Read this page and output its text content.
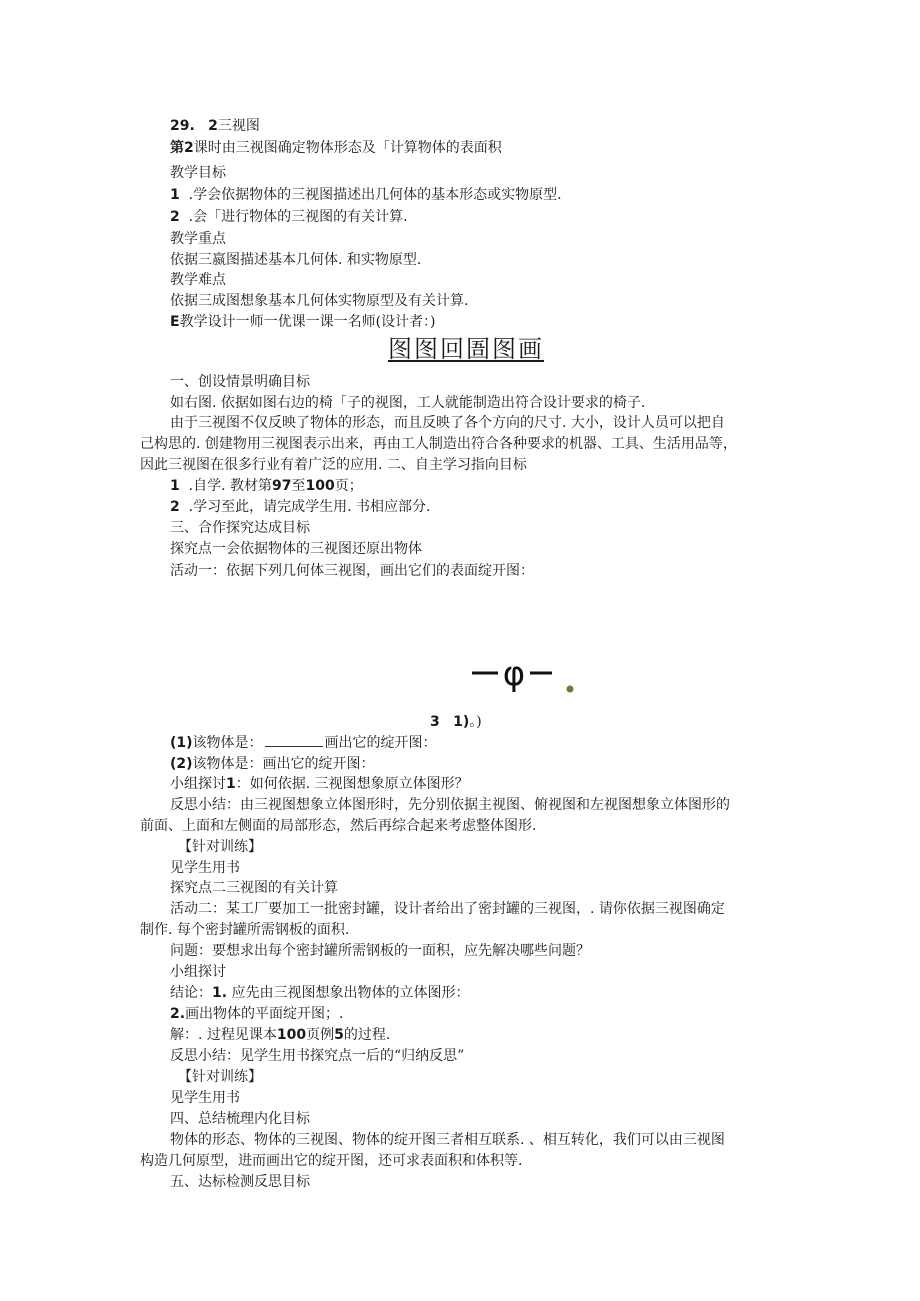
29. 2三视图
第2课时由三视图确定物体形态及「计算物体的表面积
教学目标
1 .学会依据物体的三视图描述出几何体的基本形态或实物原型.
2 .会「进行物体的三视图的有关计算.
教学重点
依据三嬴图描述基本几何体. 和实物原型.
教学难点
依据三成图想象基本几何体实物原型及有关计算.
E教学设计一师一优课一课一名师(设计者：)
图图回圄图画
一、创设情景明确目标
如右图. 依据如图右边的椅「子的视图，工人就能制造出符合设计要求的椅子.
由于三视图不仅反映了物体的形态，而且反映了各个方向的尺寸. 大小，设计人员可以把自
己构思的. 创建物用三视图表示出来，再由工人制造出符合各种要求的机器、工具、生活用品等，
因此三视图在很多行业有着广泛的应用. 二、自主学习指向目标
1 .自学. 教材第97至100页；
2 .学习至此，请完成学生用. 书相应部分.
三、合作探究达成目标
探究点一会依据物体的三视图还原出物体
活动一：依据下列几何体三视图，画出它们的表面绽开图：
φ
3 1)。)
(1)该物体是：	画出它的绽开图：
(2)该物体是：画出它的绽开图：
小组探讨1：如何依据. 三视图想象原立体图形？
反思小结：由三视图想象立体图形时，先分别依据主视图、俯视图和左视图想象立体图形的
前面、上面和左侧面的局部形态，然后再综合起来考虑整体图形.
【针对训练】
见学生用书
探究点二三视图的有关计算
活动二：某工厂要加工一批密封罐，设计者给出了密封罐的三视图，. 请你依据三视图确定
制作. 每个密封罐所需钢板的面积.
问题：要想求出每个密封罐所需钢板的一面积，应先解决哪些问题？
小组探讨
结论：1. 应先由三视图想象出物体的立体图形：
2.画出物体的平面绽开图；.
解：. 过程见课本100页例5的过程.
反思小结：见学生用书探究点一后的“归纳反思”
【针对训练】
见学生用书
四、总结梳理内化目标
物体的形态、物体的三视图、物体的绽开图三者相互联系. 、相互转化，我们可以由三视图
构造几何原型，进而画出它的绽开图，还可求表面积和体积等.
五、达标检测反思目标
